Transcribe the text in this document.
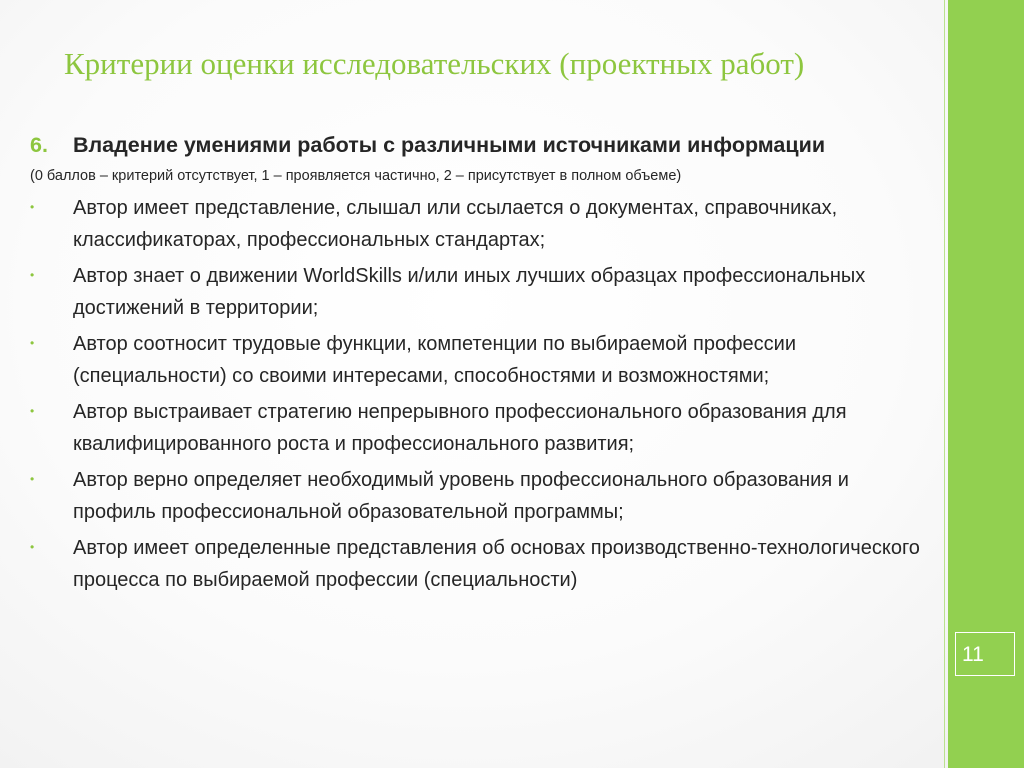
Критерии оценки исследовательских (проектных работ)
6. Владение умениями работы с различными источниками информации
(0 баллов – критерий отсутствует, 1 – проявляется частично, 2 – присутствует в полном объеме)
• Автор имеет представление, слышал или ссылается о документах, справочниках, классификаторах, профессиональных стандартах;
• Автор знает о движении WorldSkills и/или иных лучших образцах профессиональных достижений в территории;
• Автор соотносит трудовые функции, компетенции по выбираемой профессии (специальности) со своими интересами, способностями и возможностями;
• Автор выстраивает стратегию непрерывного профессионального образования для квалифицированного роста и профессионального развития;
• Автор верно определяет необходимый уровень профессионального образования и профиль профессиональной образовательной программы;
• Автор имеет определенные представления об основах производственно-технологического процесса по выбираемой профессии (специальности)
11
